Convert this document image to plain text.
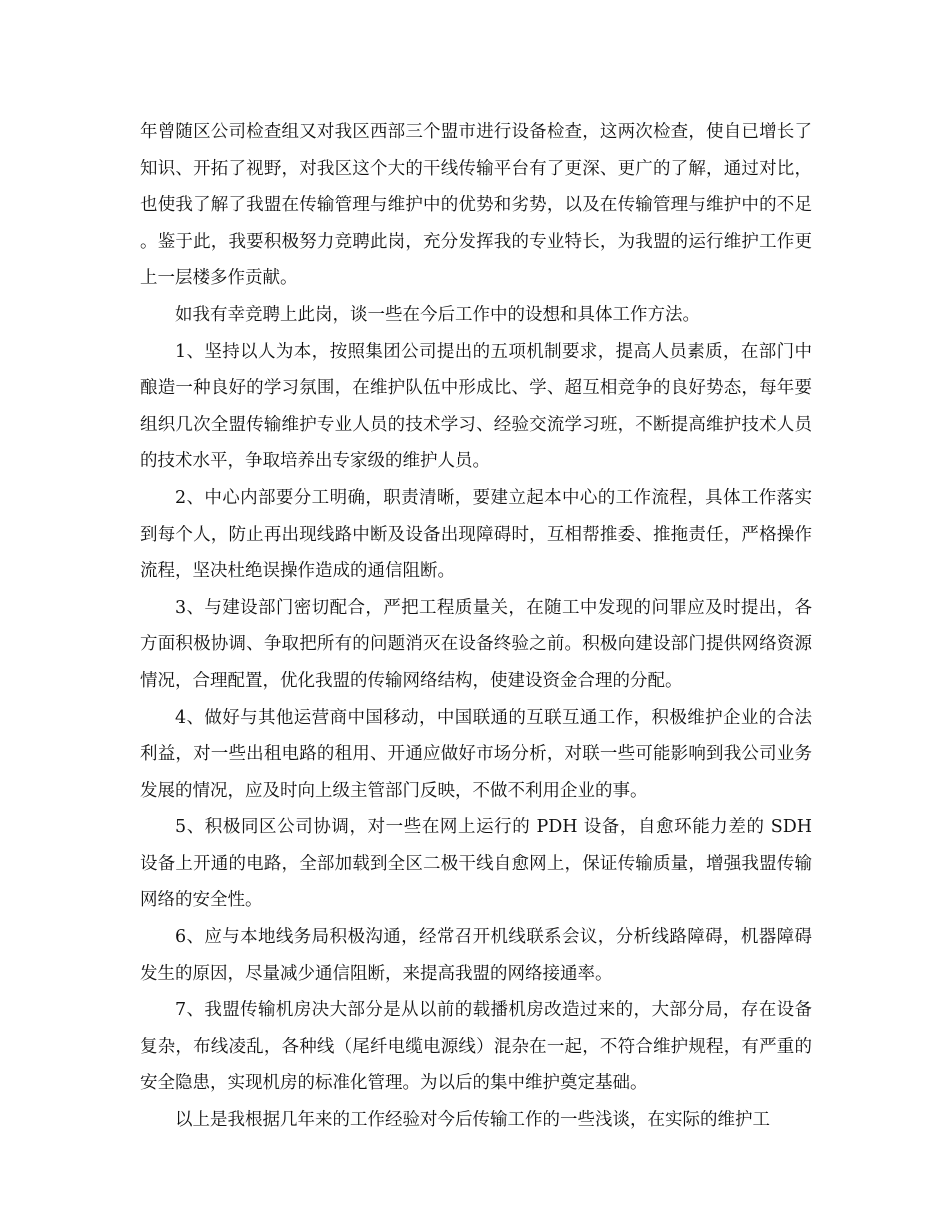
年曾随区公司检查组又对我区西部三个盟市进行设备检查，这两次检查，使自已增长了知识、开拓了视野，对我区这个大的干线传输平台有了更深、更广的了解，通过对比，也使我了解了我盟在传输管理与维护中的优势和劣势，以及在传输管理与维护中的不足。鉴于此，我要积极努力竞聘此岗，充分发挥我的专业特长，为我盟的运行维护工作更上一层楼多作贡献。

如我有幸竞聘上此岗，谈一些在今后工作中的设想和具体工作方法。

1、坚持以人为本，按照集团公司提出的五项机制要求，提高人员素质，在部门中酿造一种良好的学习氛围，在维护队伍中形成比、学、超互相竞争的良好势态，每年要组织几次全盟传输维护专业人员的技术学习、经验交流学习班，不断提高维护技术人员的技术水平，争取培养出专家级的维护人员。

2、中心内部要分工明确，职责清晰，要建立起本中心的工作流程，具体工作落实到每个人，防止再出现线路中断及设备出现障碍时，互相帮推委、推拖责任，严格操作流程，坚决杜绝误操作造成的通信阻断。

3、与建设部门密切配合，严把工程质量关，在随工中发现的问罪应及时提出，各方面积极协调、争取把所有的问题消灭在设备终验之前。积极向建设部门提供网络资源情况，合理配置，优化我盟的传输网络结构，使建设资金合理的分配。

4、做好与其他运营商中国移动，中国联通的互联互通工作，积极维护企业的合法利益，对一些出租电路的租用、开通应做好市场分析，对联一些可能影响到我公司业务发展的情况，应及时向上级主管部门反映，不做不利用企业的事。

5、积极同区公司协调，对一些在网上运行的 PDH 设备，自愈环能力差的 SDH 设备上开通的电路，全部加载到全区二极干线自愈网上，保证传输质量，增强我盟传输网络的安全性。

6、应与本地线务局积极沟通，经常召开机线联系会议，分析线路障碍，机器障碍发生的原因，尽量减少通信阻断，来提高我盟的网络接通率。

7、我盟传输机房决大部分是从以前的载播机房改造过来的，大部分局，存在设备复杂，布线凌乱，各种线（尾纤电缆电源线）混杂在一起，不符合维护规程，有严重的安全隐患，实现机房的标准化管理。为以后的集中维护奠定基础。

以上是我根据几年来的工作经验对今后传输工作的一些浅谈，在实际的维护工
